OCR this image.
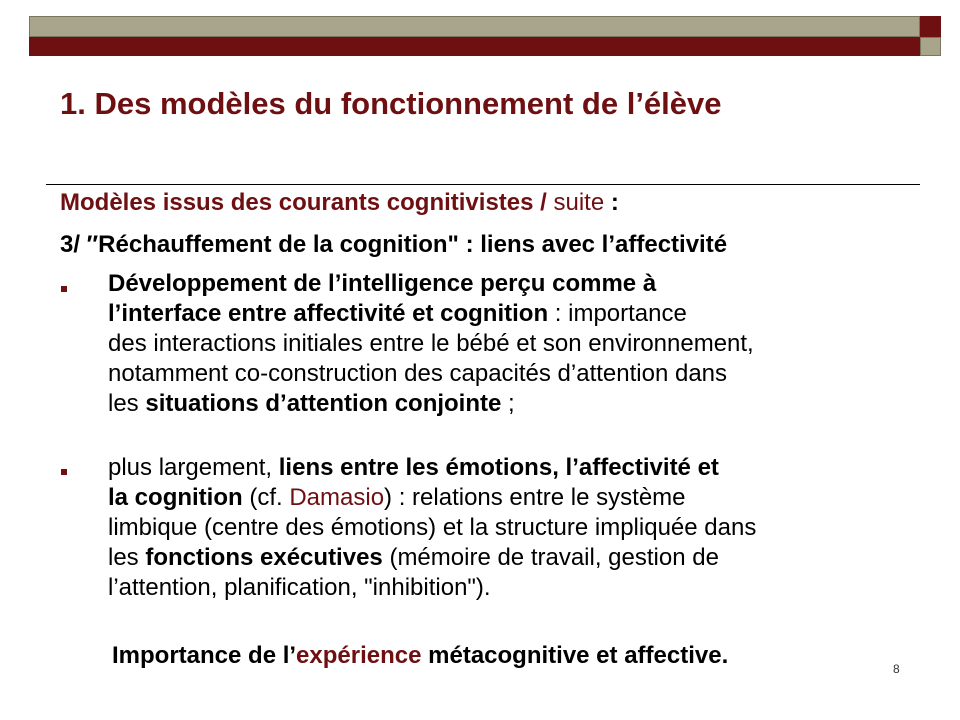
1. Des modèles du fonctionnement de l’élève
Modèles issus des courants cognitivistes / suite :
3/ ″Réchauffement de la cognition" : liens avec l’affectivité
Développement de l’intelligence perçu comme à
l’interface entre affectivité et cognition : importance
des interactions initiales entre le bébé et son environnement,
notamment co-construction des capacités d’attention dans
les situations d’attention conjointe ;
plus largement, liens entre les émotions, l’affectivité et
la cognition (cf. Damasio) : relations entre le système
limbique (centre des émotions) et la structure impliquée dans
les fonctions exécutives (mémoire de travail, gestion de
l’attention, planification, "inhibition").
Importance de l’expérience métacognitive et affective.	8
